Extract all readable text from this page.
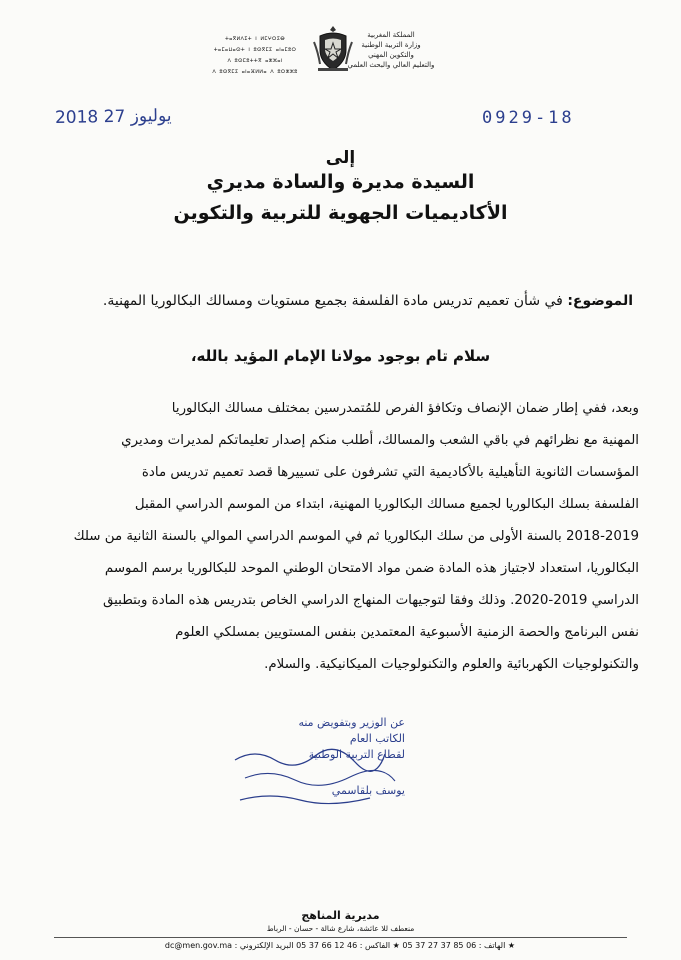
ⵜⴰⴳⵍⴷⵉⵜ ⵏ ⵍⵎⵖⵔⵉⴱ
ⵜⴰⵎⴰⵡⴰⵙⵜ ⵏ ⵓⵙⴳⵎⵉ ⴰⵏⴰⵎⵓⵔ
ⴷ ⵓⵙⵎⵓⵜⵜⴳ ⴰⵣⵣⴰⵏ
ⴷ ⵓⵙⴳⵎⵉ ⴰⵏⴰⴼⵍⵍⴰ ⴷ ⵓⵔⵣⵣⵓ
المملكة المغربية
وزارة التربية الوطنية
والتكوين المهني
والتعليم العالي والبحث العلمي
2018 يوليوز 27	0929-18
إلى
السيدة مديرة والسادة مديري
الأكاديميات الجهوية للتربية والتكوين
الموضوع: في شأن تعميم تدريس مادة الفلسفة بجميع مستويات ومسالك البكالوريا المهنية.
سلام تام بوجود مولانا الإمام المؤيد بالله،
وبعد، ففي إطار ضمان الإنصاف وتكافؤ الفرص للمُتمدرسين بمختلف مسالك البكالوريا
المهنية مع نظرائهم في باقي الشعب والمسالك، أطلب منكم إصدار تعليماتكم لمديرات ومديري
المؤسسات الثانوية التأهيلية بالأكاديمية التي تشرفون على تسييرها قصد تعميم تدريس مادة
الفلسفة بسلك البكالوريا لجميع مسالك البكالوريا المهنية، ابتداء من الموسم الدراسي المقبل
2018-2019 بالسنة الأولى من سلك البكالوريا ثم في الموسم الدراسي الموالي بالسنة الثانية من سلك
البكالوريا، استعداد لاجتياز هذه المادة ضمن مواد الامتحان الوطني الموحد للبكالوريا برسم الموسم
الدراسي 2019-2020. وذلك وفقا لتوجيهات المنهاج الدراسي الخاص بتدريس هذه المادة وبتطبيق
نفس البرنامج والحصة الزمنية الأسبوعية المعتمدين بنفس المستويين بمسلكي العلوم
والتكنولوجيات الكهربائية والعلوم والتكنولوجيات الميكانيكية. والسلام.
عن الوزير وبتفويض منه
الكاتب العام
لقطاع التربية الوطنية
يوسف بلقاسمي
مديرية المناهج
منعطف للا عائشة، شارع شالة - حسان - الرباط
★ الهاتف : 06 85 37 27 37 05 ★ الفاكس : 46 12 66 37 05 البريد الإلكتروني : dc@men.gov.ma
